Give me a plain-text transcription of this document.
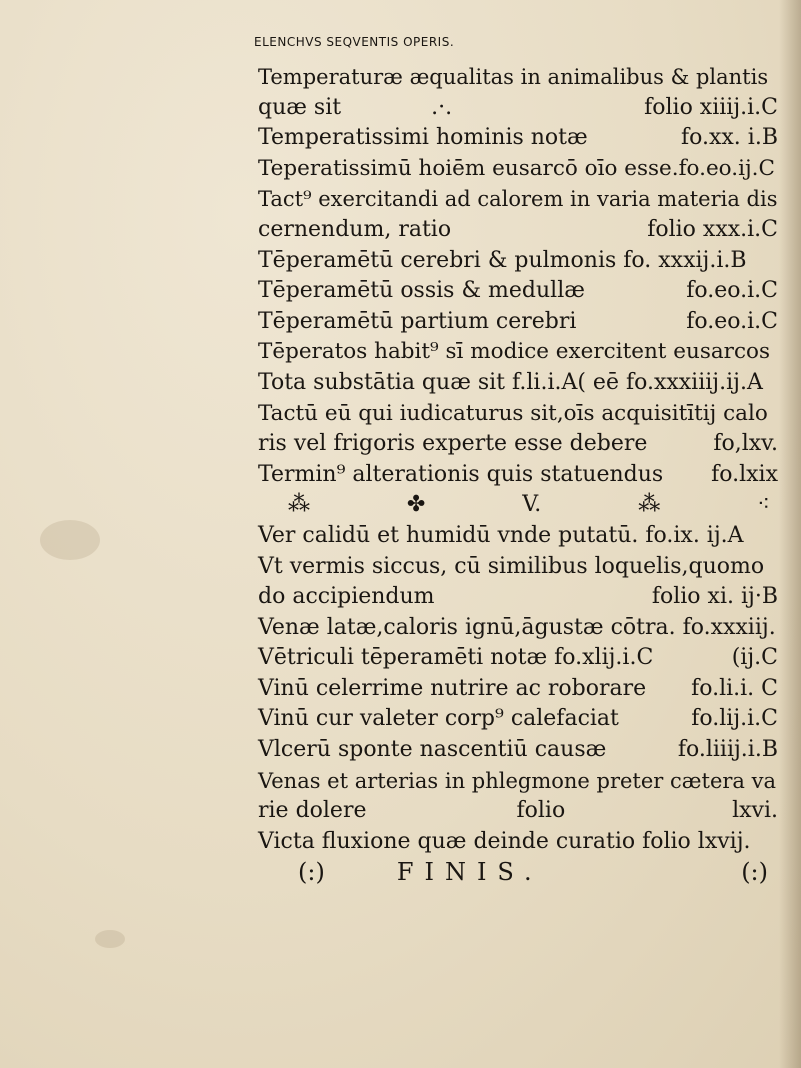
ELENCHVS SEQVENTIS OPERIS.
Temperaturæ æqualitas in animalibus & plantis
quæ sit	.·.	folio xiiij.i.C
Temperatissimi hominis notæ	fo.xx. i.B
Teperatissimū hoiēm eusarcō oīo esse.fo.eo.ij.C
Tact⁹ exercitandi ad calorem in varia materia dis
cernendum, ratio	folio xxx.i.C
Tēperamētū cerebri & pulmonis fo. xxxij.i.B
Tēperamētū ossis & medullæ	fo.eo.i.C
Tēperamētū partium cerebri	fo.eo.i.C
Tēperatos habit⁹ sī modice exercitent eusarcos
Tota substātia quæ sit f.li.i.A( eē fo.xxxiiij.ij.A
Tactū eū qui iudicaturus sit,oīs acquisitītij calo
ris vel frigoris experte esse debere	fo,lxv.
Termin⁹ alterationis quis statuendus fo.lxix
⁂	✤	V.	⁂	⁖
Ver calidū et humidū vnde putatū. fo.ix. ij.A
Vt vermis siccus, cū similibus loquelis,quomo
do accipiendum	folio xi. ij·B
Venæ latæ,caloris ignū,āgustæ cōtra. fo.xxxiij.
Vētriculi tēperamēti notæ fo.xlij.i.C	(ij.C
Vinū celerrime nutrire ac roborare fo.li.i. C
Vinū cur valeter corp⁹ calefaciat	fo.lij.i.C
Vlcerū sponte nascentiū causæ	fo.liiij.i.B
Venas et arterias in phlegmone preter cætera va
rie dolere	folio	lxvi.
Victa fluxione quæ deinde curatio folio lxvij.
(:)	FINIS.	(:)
